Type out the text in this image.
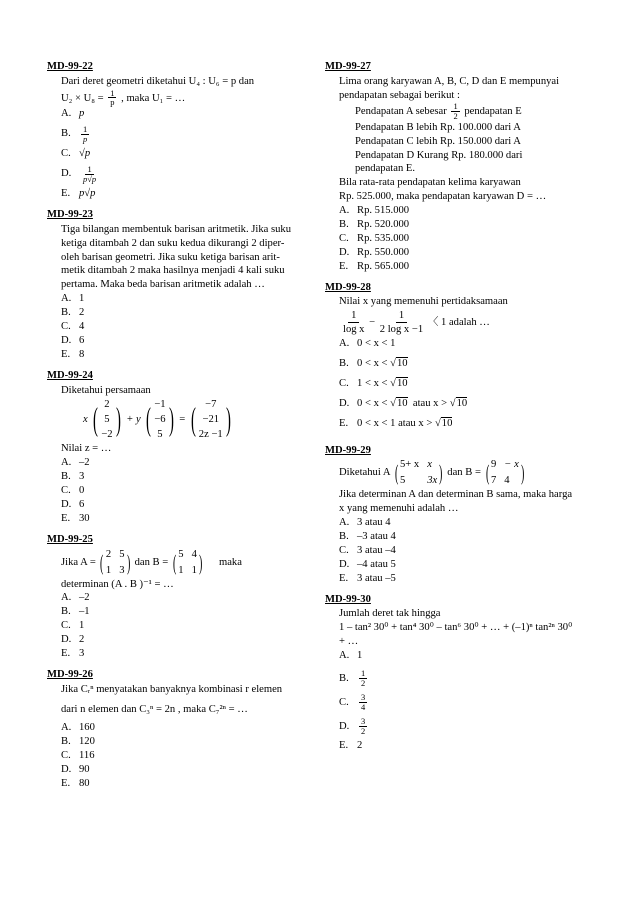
MD-99-22
Dari deret geometri diketahui U₄ : U₆ = p dan
$U_2 \times U_8 = \frac{1}{p}$ , maka U₁ = …
A. p
B.	$\frac{1}{p}$
C. √p
D.	$\frac{1}{p√p}$
E. p√p
MD-99-23
Tiga bilangan membentuk barisan aritmetik. Jika suku
ketiga ditambah 2 dan suku kedua dikurangi 2 diper-
oleh barisan geometri. Jika suku ketiga barisan arit-
metik ditambah 2 maka hasilnya menjadi 4 kali suku
pertama. Maka beda barisan aritmetik adalah …
A. 1
B. 2
C. 4
D. 6
E. 8
MD-99-24
Diketahui persamaan
x ( 2
5
−2 ) + y ( −1
−6
5 ) = ( −7
−21
2z −1 )
Nilai z = …
A. –2
B. 3
C. 0
D. 6
E. 30
MD-99-25
Jika A = ( 2 5
1 3 ) dan B = ( 5 4
1 1 ) maka
determinan (A . B )⁻¹ = …
A. –2
B. –1
C. 1
D. 2
E. 3
MD-99-26
Jika Cᵣⁿ menyatakan banyaknya kombinasi r elemen
dari n elemen dan C₃ⁿ = 2n , maka C₇²ⁿ = …
A. 160
B. 120
C. 116
D. 90
E. 80
MD-99-27
Lima orang karyawan A, B, C, D dan E mempunyai
pendapatan sebagai berikut :
Pendapatan A sebesar $\frac{1}{2}$ pendapatan E
Pendapatan B lebih Rp. 100.000 dari A
Pendapatan C lebih Rp. 150.000 dari A
Pendapatan D Kurang Rp. 180.000 dari
pendapatan E.
Bila rata-rata pendapatan kelima karyawan
Rp. 525.000, maka pendapatan karyawan D = …
A. Rp. 515.000
B. Rp. 520.000
C. Rp. 535.000
D. Rp. 550.000
E. Rp. 565.000
MD-99-28
Nilai x yang memenuhi pertidaksamaan
$\frac{1}{\text{log x}} - \frac{1}{\text{2 log x −1}}$ 〈 1 adalah …
A. 0 < x < 1
B. 0 < x <
√ 10
C. 1 < x <
√ 10
D. 0 < x <
√ 10
atau x >
√ 10
E. 0 < x < 1 atau x >
√ 10
MD-99-29
Diketahui A ( 5+ x x
5	3x ) dan B = ( 9 − x
7 4 )
Jika determinan A dan determinan B sama, maka harga
x yang memenuhi adalah …
A. 3 atau 4
B. –3 atau 4
C. 3 atau –4
D. –4 atau 5
E. 3 atau –5
MD-99-30
Jumlah deret tak hingga
1 – tan² 30⁰ + tan⁴ 30⁰ – tan⁶ 30⁰ + … + (–1)ⁿ tan²ⁿ 30⁰
+ …
A. 1
B.	$\frac{1}{2}$
C.	$\frac{3}{4}$
D.	$\frac{3}{2}$
E. 2
